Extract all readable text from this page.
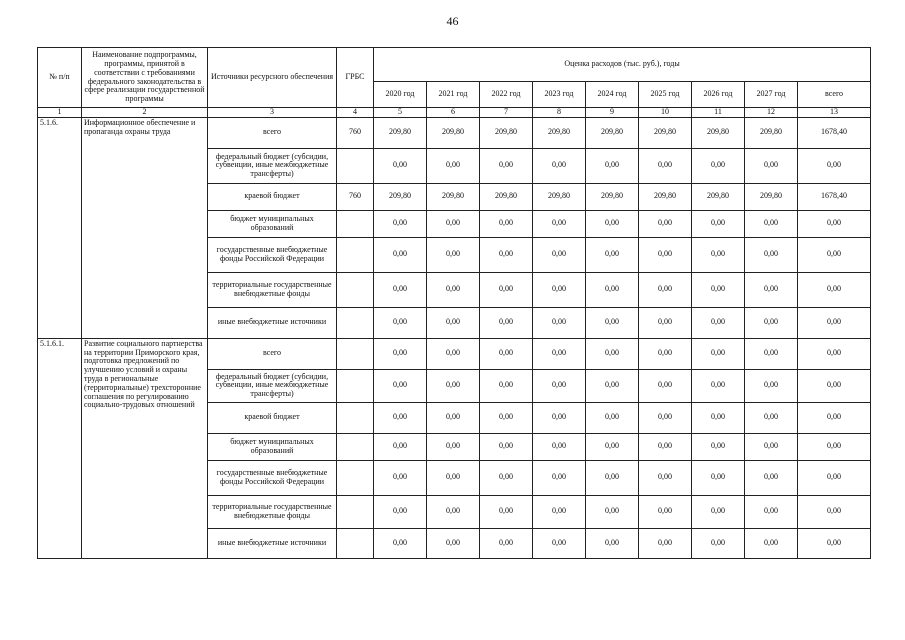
46
№ п/п	Наименование подпрограммы, программы, принятой в соответствии с требованиями федерального законодательства в сфере реализации государственной программы	Источники ресурсного обеспечения	ГРБС	Оценка расходов (тыс. руб.), годы								
				2020 год	2021 год	2022 год	2023 год	2024 год	2025 год	2026 год	2027 год	всего
1	2	3	4	5	6	7	8	9	10	11	12	13
5.1.6.	Информационное обеспечение и пропаганда охраны труда	всего	760	209,80	209,80	209,80	209,80	209,80	209,80	209,80	209,80	1678,40
		федеральный бюджет (субсидии, субвенции, иные межбюджетные трансферты)		0,00	0,00	0,00	0,00	0,00	0,00	0,00	0,00	0,00
		краевой бюджет	760	209,80	209,80	209,80	209,80	209,80	209,80	209,80	209,80	1678,40
		бюджет муниципальных образований		0,00	0,00	0,00	0,00	0,00	0,00	0,00	0,00	0,00
		государственные внебюджетные фонды Российской Федерации		0,00	0,00	0,00	0,00	0,00	0,00	0,00	0,00	0,00
		территориальные государственные внебюджетные фонды		0,00	0,00	0,00	0,00	0,00	0,00	0,00	0,00	0,00
		иные внебюджетные источники		0,00	0,00	0,00	0,00	0,00	0,00	0,00	0,00	0,00
5.1.6.1.	Развитие социального партнерства на территории Приморского края, подготовка предложений по улучшению условий и охраны труда в региональные (территориальные) трехсторонние соглашения по регулированию социально-трудовых отношений	всего		0,00	0,00	0,00	0,00	0,00	0,00	0,00	0,00	0,00
		федеральный бюджет (субсидии, субвенции, иные межбюджетные трансферты)		0,00	0,00	0,00	0,00	0,00	0,00	0,00	0,00	0,00
		краевой бюджет		0,00	0,00	0,00	0,00	0,00	0,00	0,00	0,00	0,00
		бюджет муниципальных образований		0,00	0,00	0,00	0,00	0,00	0,00	0,00	0,00	0,00
		государственные внебюджетные фонды Российской Федерации		0,00	0,00	0,00	0,00	0,00	0,00	0,00	0,00	0,00
		территориальные государственные внебюджетные фонды		0,00	0,00	0,00	0,00	0,00	0,00	0,00	0,00	0,00
		иные внебюджетные источники		0,00	0,00	0,00	0,00	0,00	0,00	0,00	0,00	0,00
